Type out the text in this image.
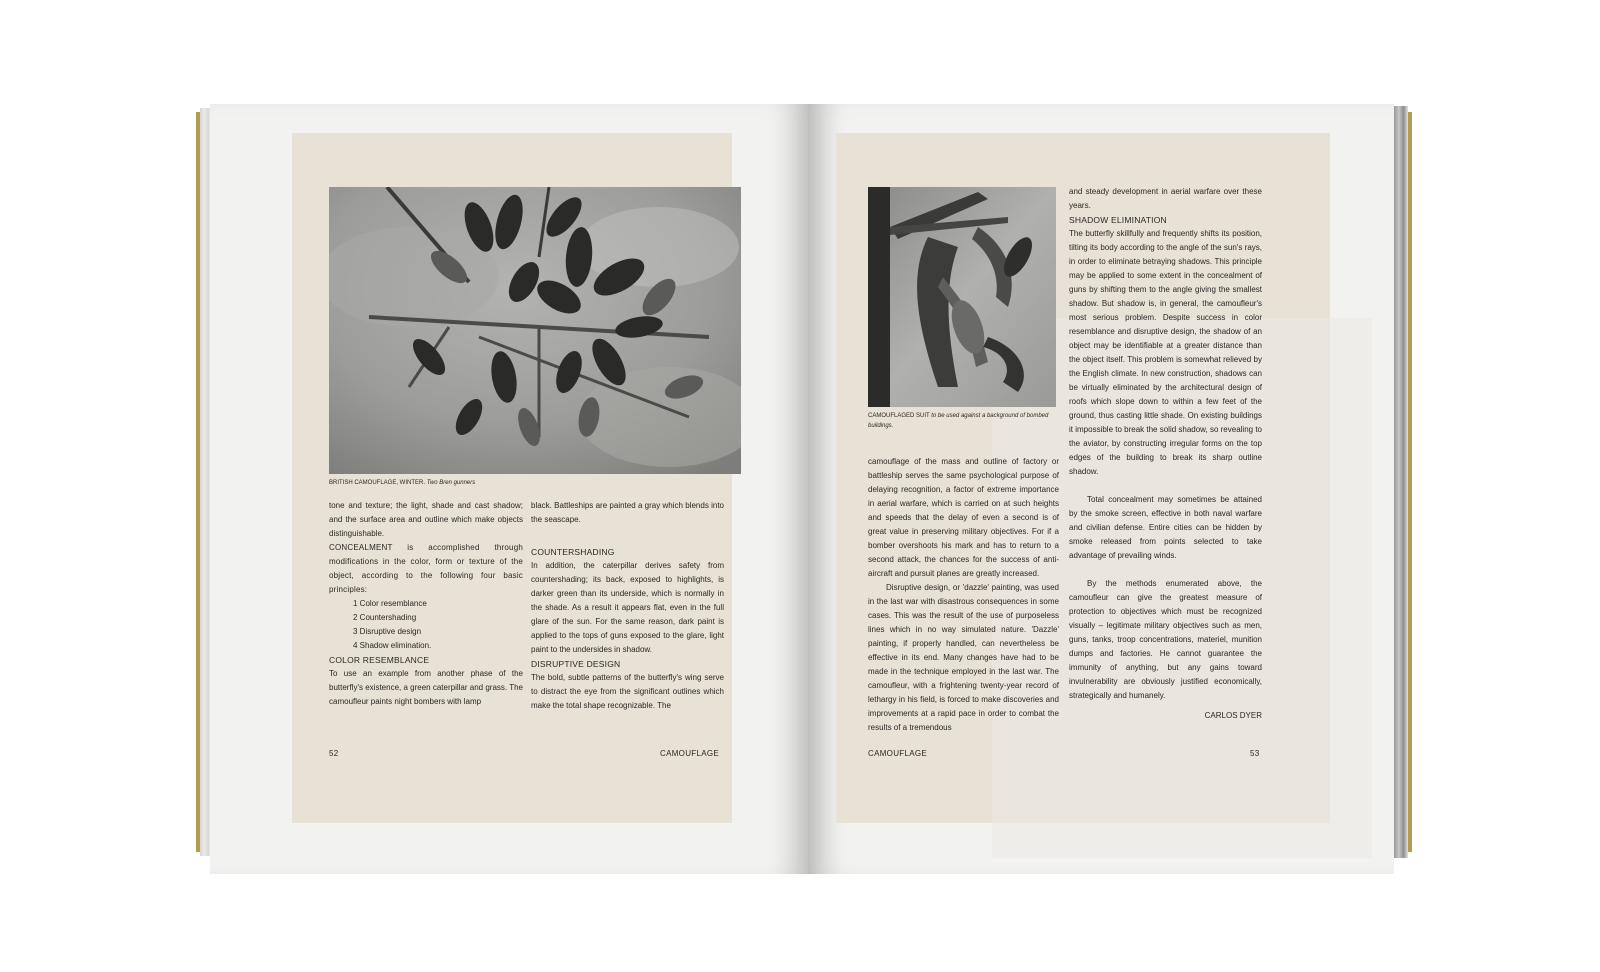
BRITISH CAMOUFLAGE, WINTER. Two Bren gunners

tone and texture; the light, shade and cast shadow; and the surface area and outline which make objects distinguishable.

CONCEALMENT is accomplished through modifications in the color, form or texture of the object, according to the following four basic principles:

1 Color resemblance
2 Countershading
3 Disruptive design
4 Shadow elimination.

COLOR RESEMBLANCE

To use an example from another phase of the butterfly's existence, a green caterpillar and grass. The camoufleur paints night bombers with lamp

black. Battleships are painted a gray which blends into the seascape.

COUNTERSHADING

In addition, the caterpillar derives safety from countershading; its back, exposed to highlights, is darker green than its underside, which is normally in the shade. As a result it appears flat, even in the full glare of the sun. For the same reason, dark paint is applied to the tops of guns exposed to the glare, light paint to the undersides in shadow.

DISRUPTIVE DESIGN

The bold, subtle patterns of the butterfly's wing serve to distract the eye from the significant outlines which make the total shape recognizable. The

52	CAMOUFLAGE
CAMOUFLAGED SUIT to be used against a background of bombed buildings.

camouflage of the mass and outline of factory or battleship serves the same psychological purpose of delaying recognition, a factor of extreme importance in aerial warfare, which is carried on at such heights and speeds that the delay of even a second is of great value in preserving military objectives. For if a bomber overshoots his mark and has to return to a second attack, the chances for the success of anti-aircraft and pursuit planes are greatly increased.

Disruptive design, or 'dazzle' painting, was used in the last war with disastrous consequences in some cases. This was the result of the use of purposeless lines which in no way simulated nature. 'Dazzle' painting, if properly handled, can nevertheless be effective in its end. Many changes have had to be made in the technique employed in the last war. The camoufleur, with a frightening twenty-year record of lethargy in his field, is forced to make discoveries and improvements at a rapid pace in order to combat the results of a tremendous

and steady development in aerial warfare over these years.

SHADOW ELIMINATION

The butterfly skillfully and frequently shifts its position, tilting its body according to the angle of the sun's rays, in order to eliminate betraying shadows. This principle may be applied to some extent in the concealment of guns by shifting them to the angle giving the smallest shadow. But shadow is, in general, the camoufleur's most serious problem. Despite success in color resemblance and disruptive design, the shadow of an object may be identifiable at a greater distance than the object itself. This problem is somewhat relieved by the English climate. In new construction, shadows can be virtually eliminated by the architectural design of roofs which slope down to within a few feet of the ground, thus casting little shade. On existing buildings it impossible to break the solid shadow, so revealing to the aviator, by constructing irregular forms on the top edges of the building to break its sharp outline shadow.

Total concealment may sometimes be attained by the smoke screen, effective in both naval warfare and civilian defense. Entire cities can be hidden by smoke released from points selected to take advantage of prevailing winds.

By the methods enumerated above, the camoufleur can give the greatest measure of protection to objectives which must be recognized visually – legitimate military objectives such as men, guns, tanks, troop concentrations, materiel, munition dumps and factories. He cannot guarantee the immunity of anything, but any gains toward invulnerability are obviously justified economically, strategically and humanely.

CARLOS DYER

CAMOUFLAGE	53
